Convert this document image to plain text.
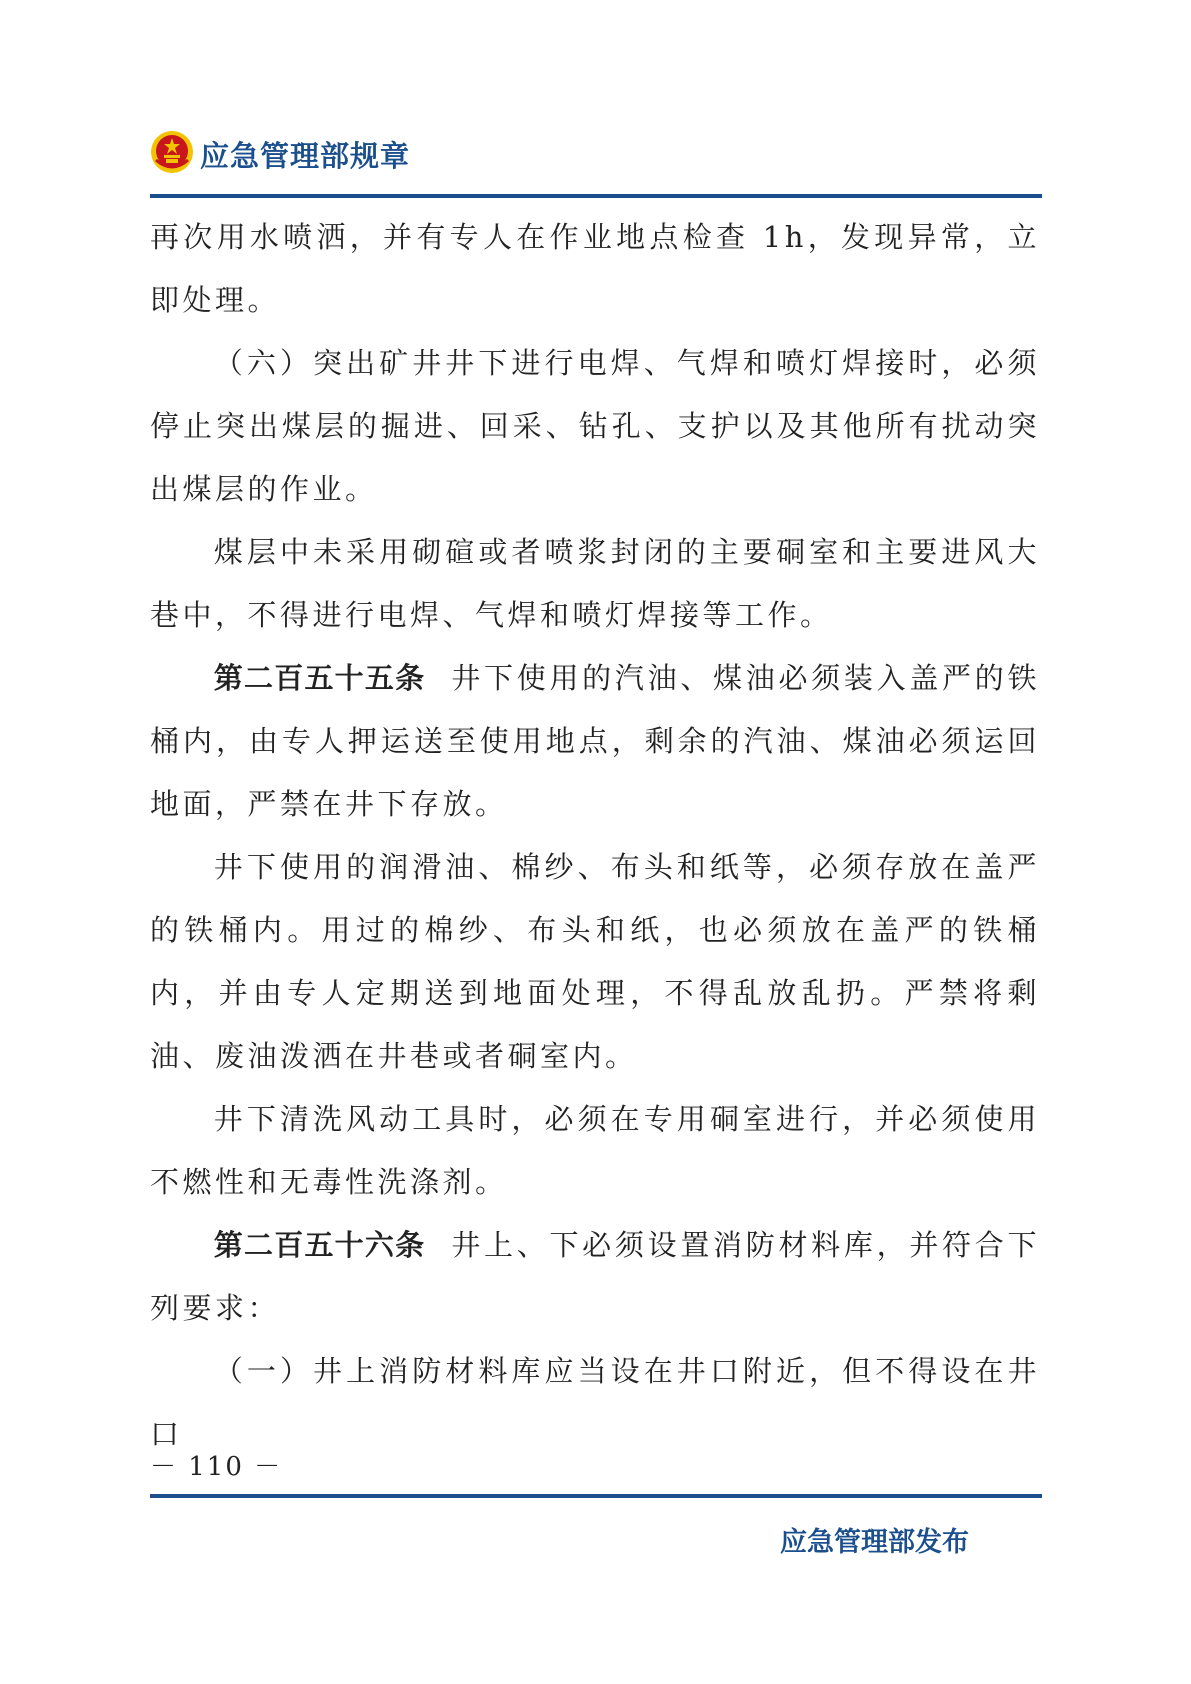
应急管理部规章

再次用水喷洒，并有专人在作业地点检查 1h，发现异常，立即处理。

（六）突出矿井井下进行电焊、气焊和喷灯焊接时，必须停止突出煤层的掘进、回采、钻孔、支护以及其他所有扰动突出煤层的作业。

煤层中未采用砌碹或者喷浆封闭的主要硐室和主要进风大巷中，不得进行电焊、气焊和喷灯焊接等工作。

第二百五十五条 井下使用的汽油、煤油必须装入盖严的铁桶内，由专人押运送至使用地点，剩余的汽油、煤油必须运回地面，严禁在井下存放。

井下使用的润滑油、棉纱、布头和纸等，必须存放在盖严的铁桶内。用过的棉纱、布头和纸，也必须放在盖严的铁桶内，并由专人定期送到地面处理，不得乱放乱扔。严禁将剩油、废油泼洒在井巷或者硐室内。

井下清洗风动工具时，必须在专用硐室进行，并必须使用不燃性和无毒性洗涤剂。

第二百五十六条 井上、下必须设置消防材料库，并符合下列要求：

（一）井上消防材料库应当设在井口附近，但不得设在井口

－ 110 －
应急管理部发布
